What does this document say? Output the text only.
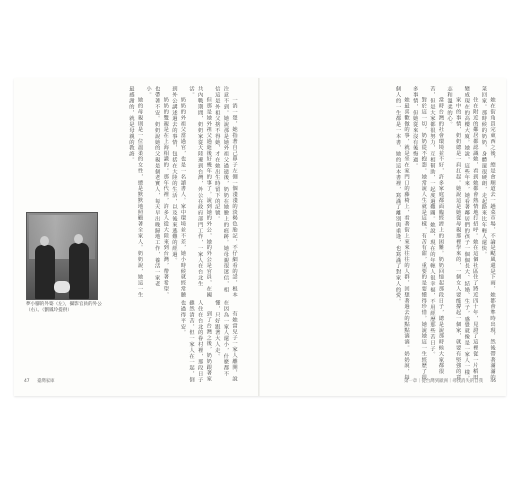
一消一楚，她指著自己鼻子左側一個淺淺的淡褐色胎記，不仔細看的話，根本注意不到。她說那是她外祖父過逝後，奶奶在她臉上的痕跡。她母親很迷信，相信這是外祖父捨不得她，才在她出生時留下的記號。

但那是她外祖父過逝後好幾年的事了。說到她的外公，她的外公是官員，在國共內戰期間，奶奶家從大陸遷到台灣，外公在政府部門工作，一家人在台北生活。

奶奶的外祖父當過官，也是一名讀書人。家中環境並不差，她小時候就經常聽到外公講述過去的事情，包括在大陸的生活，以及後來逃難的經過。

奶奶的雙親是在上海相識的。那年代裡，許多人從大陸來到台灣，帶著希望，也帶著不安。奶奶說她的父親是個老實人，每天早出晚歸地工作，養活一家老小。

她的母親則是一位溫柔的女性，總是默默地照顧著全家人。奶奶說，她這一生最感謝的，就是母親的教誨。

夢小腳的外婆（左），攝影官員的外公（右）。（劉鳳玲提供）	有她當兒子一家人離開，說在因為一家人還小，什麼都不懂，只好跟著大人走。

到了台灣之後，奶奶跟著家人住在台北的眷村裡，那段日子雖然清苦，但一家人在一起，倒也過得平安。

47 臺灣家庫

她在街角買完東西之後，總是會順道去一趟菜市場，不論是颳風還是下雨，她都會準時出現，然後帶著滿滿的菜回家。那時候的奶奶，身體還很硬朗，走起路來比年輕人還快。

住在附近的鄰居都認識她，看到她都會熱情地打招呼。她在這個社區住了將近四十年，見證了這裡從一片稻田變成現在的高樓大廈。她說，這些年來，她看著鄰居們的孩子一個個長大、結婚、生子，感覺就像是一家人一樣。

家中的事情，奶奶總是一肩扛起。她說這是她從母親那裡學來的，一個女人要能撐起一個家，就要有堅強的意志和溫柔的心。

當時台灣的社會環境並不好，許多家庭都面臨經濟上的困難。奶奶回憶起那段日子，總是說那時候大家都很苦，但是大家都很努力，互相幫助，一起度過難關。她說，現在的年輕人很幸福，不用經歷那些苦日子。

對於這一切，奶奶從不抱怨。她常說人生就是這樣，有苦有甜，重要的是要懂得珍惜。她說她這一生經歷了很多事情，但她從來沒有後悔過。

她最喜歡做的事，就是坐在家門口的藤椅上，看著街上來來往往的人群，回想著過去的點點滴滴。奶奶說，每個人的一生都是一本書，她的這本書裡，寫滿了離別與重逢，也寫滿了對家人的愛。

第一章｜從台灣到歐洲｜尋找消失的自我 46
